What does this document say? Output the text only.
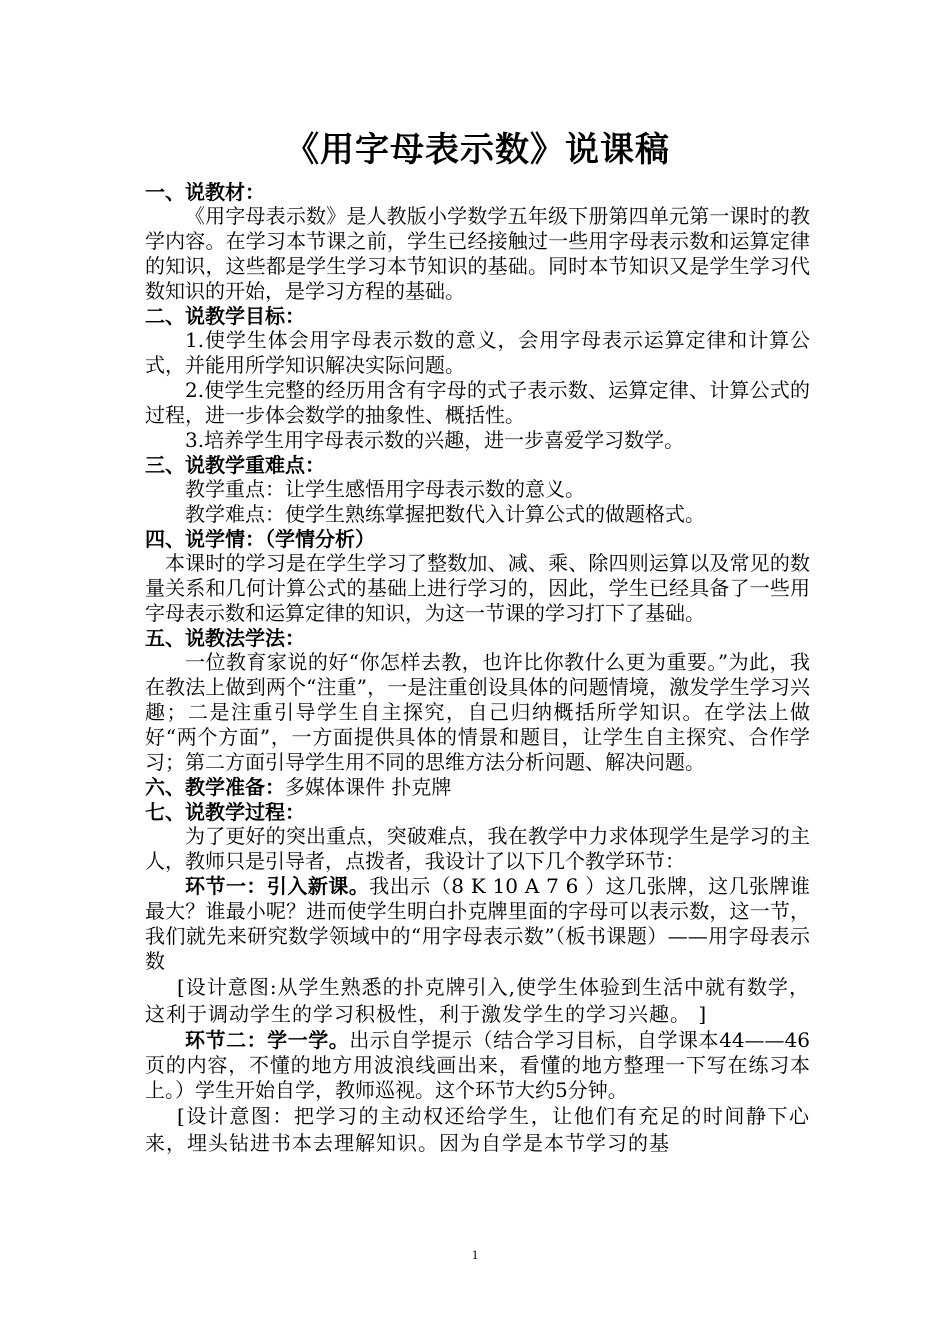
《用字母表示数》说课稿
一、说教材：

《用字母表示数》是人教版小学数学五年级下册第四单元第一课时的教学内容。在学习本节课之前，学生已经接触过一些用字母表示数和运算定律的知识，这些都是学生学习本节知识的基础。同时本节知识又是学生学习代数知识的开始，是学习方程的基础。

二、说教学目标：

1.使学生体会用字母表示数的意义，会用字母表示运算定律和计算公式，并能用所学知识解决实际问题。

2.使学生完整的经历用含有字母的式子表示数、运算定律、计算公式的过程，进一步体会数学的抽象性、概括性。

3.培养学生用字母表示数的兴趣，进一步喜爱学习数学。

三、说教学重难点：

教学重点：让学生感悟用字母表示数的意义。

教学难点：使学生熟练掌握把数代入计算公式的做题格式。

四、说学情：（学情分析）

本课时的学习是在学生学习了整数加、减、乘、除四则运算以及常见的数量关系和几何计算公式的基础上进行学习的，因此，学生已经具备了一些用字母表示数和运算定律的知识，为这一节课的学习打下了基础。

五、说教法学法：

一位教育家说的好“你怎样去教，也许比你教什么更为重要。”为此，我在教法上做到两个“注重”，一是注重创设具体的问题情境，激发学生学习兴趣；二是注重引导学生自主探究，自己归纳概括所学知识。在学法上做好“两个方面”，一方面提供具体的情景和题目，让学生自主探究、合作学习；第二方面引导学生用不同的思维方法分析问题、解决问题。

六、教学准备：多媒体课件 扑克牌

七、说教学过程：

为了更好的突出重点，突破难点，我在教学中力求体现学生是学习的主人，教师只是引导者，点拨者，我设计了以下几个教学环节：

环节一：引入新课。我出示（8 K 10 A 7 6 ）这几张牌，这几张牌谁最大？谁最小呢？进而使学生明白扑克牌里面的字母可以表示数，这一节，我们就先来研究数学领域中的“用字母表示数”（板书课题）——用字母表示数

[设计意图:从学生熟悉的扑克牌引入,使学生体验到生活中就有数学，这利于调动学生的学习积极性，利于激发学生的学习兴趣。 ]

环节二：学一学。出示自学提示（结合学习目标，自学课本44——46页的内容，不懂的地方用波浪线画出来，看懂的地方整理一下写在练习本上。）学生开始自学，教师巡视。这个环节大约5分钟。

[设计意图：把学习的主动权还给学生，让他们有充足的时间静下心来，埋头钻进书本去理解知识。因为自学是本节学习的基

1
